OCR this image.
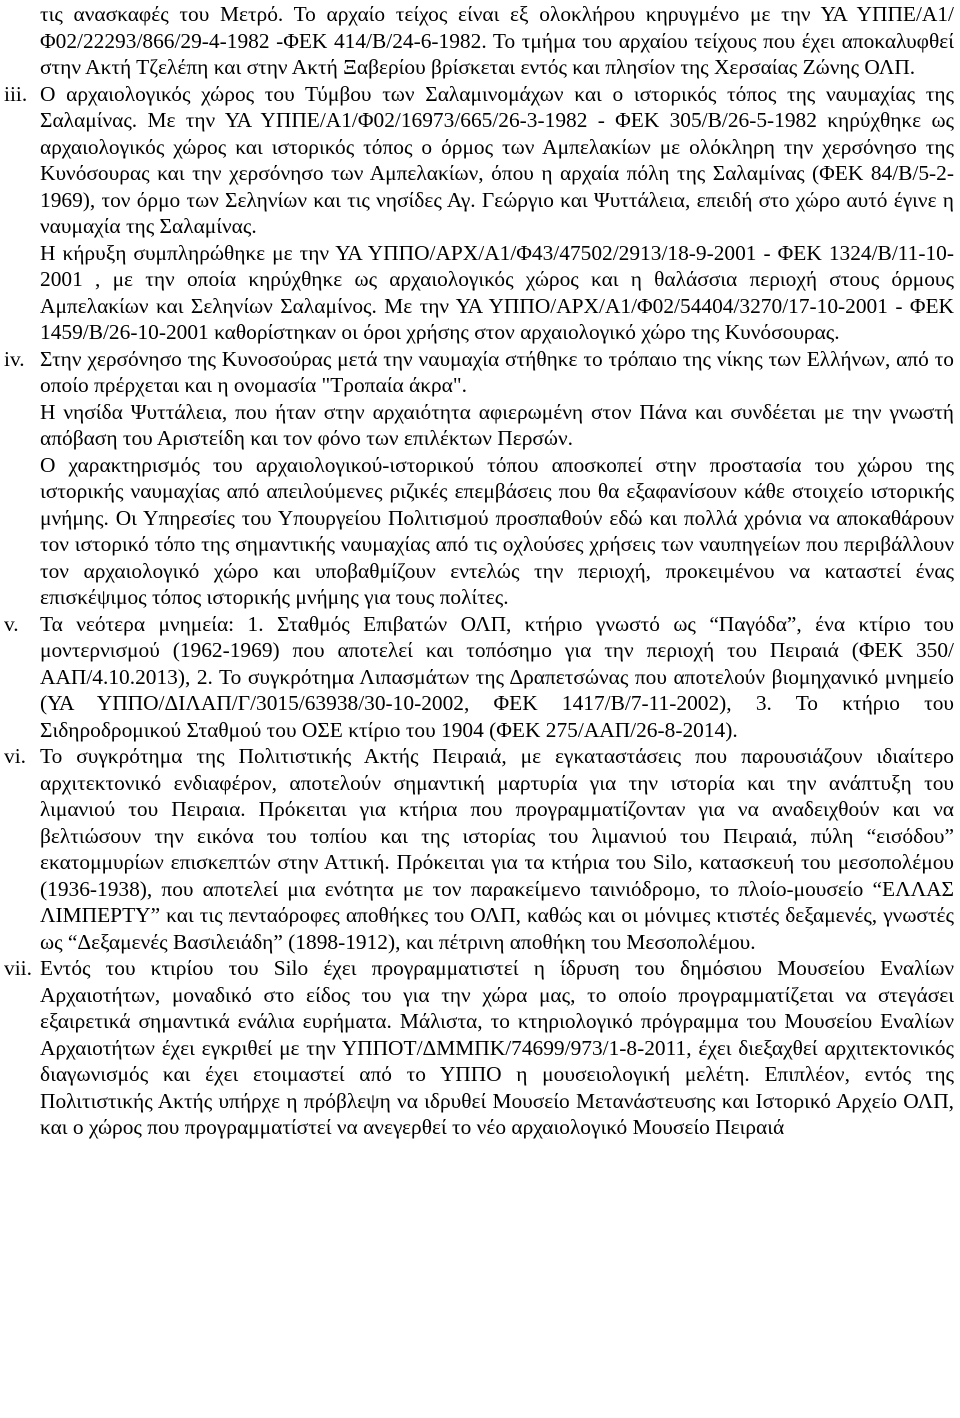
τις ανασκαφές του Μετρό. Το αρχαίο τείχος είναι εξ ολοκλήρου κηρυγμένο με την ΥΑ ΥΠΠΕ/Α1/Φ02/22293/866/29-4-1982 -ΦΕΚ 414/Β/24-6-1982. Το τμήμα του αρχαίου τείχους που έχει αποκαλυφθεί στην Ακτή Τζελέπη και στην Ακτή Ξαβερίου βρίσκεται εντός και πλησίον της Χερσαίας Ζώνης ΟΛΠ.

iii. Ο αρχαιολογικός χώρος του Τύμβου των Σαλαμινομάχων και ο ιστορικός τόπος της ναυμαχίας της Σαλαμίνας. Με την ΥΑ ΥΠΠΕ/Α1/Φ02/16973/665/26-3-1982 - ΦΕΚ 305/Β/26-5-1982 κηρύχθηκε ως αρχαιολογικός χώρος και ιστορικός τόπος ο όρμος των Αμπελακίων με ολόκληρη την χερσόνησο της Κυνόσουρας και την χερσόνησο των Αμπελακίων, όπου η αρχαία πόλη της Σαλαμίνας (ΦΕΚ 84/Β/5-2-1969), τον όρμο των Σεληνίων και τις νησίδες Αγ. Γεώργιο και Ψυττάλεια, επειδή στο χώρο αυτό έγινε η ναυμαχία της Σαλαμίνας.

Η κήρυξη συμπληρώθηκε με την ΥΑ ΥΠΠΟ/ΑΡΧ/Α1/Φ43/47502/2913/18-9-2001 - ΦΕΚ 1324/Β/11-10-2001 , με την οποία κηρύχθηκε ως αρχαιολογικός χώρος και η θαλάσσια περιοχή στους όρμους Αμπελακίων και Σεληνίων Σαλαμίνος. Με την ΥΑ ΥΠΠΟ/ΑΡΧ/Α1/Φ02/54404/3270/17-10-2001 - ΦΕΚ 1459/Β/26-10-2001 καθορίστηκαν οι όροι χρήσης στον αρχαιολογικό χώρο της Κυνόσουρας.

iv. Στην χερσόνησο της Κυνοσούρας μετά την ναυμαχία στήθηκε το τρόπαιο της νίκης των Ελλήνων, από το οποίο πρέρχεται και η ονομασία "Τροπαία άκρα".

Η νησίδα Ψυττάλεια, που ήταν στην αρχαιότητα αφιερωμένη στον Πάνα και συνδέεται με την γνωστή απόβαση του Αριστείδη και τον φόνο των επιλέκτων Περσών.

Ο χαρακτηρισμός του αρχαιολογικού-ιστορικού τόπου αποσκοπεί στην προστασία του χώρου της ιστορικής ναυμαχίας από απειλούμενες ριζικές επεμβάσεις που θα εξαφανίσουν κάθε στοιχείο ιστορικής μνήμης. Οι Υπηρεσίες του Υπουργείου Πολιτισμού προσπαθούν εδώ και πολλά χρόνια να αποκαθάρουν τον ιστορικό τόπο της σημαντικής ναυμαχίας από τις οχλούσες χρήσεις των ναυπηγείων που περιβάλλουν τον αρχαιολογικό χώρο και υποβαθμίζουν εντελώς την περιοχή, προκειμένου να καταστεί ένας επισκέψιμος τόπος ιστορικής μνήμης για τους πολίτες.

v. Τα νεότερα μνημεία: 1. Σταθμός Επιβατών ΟΛΠ, κτήριο γνωστό ως “Παγόδα”, ένα κτίριο του μοντερνισμού (1962-1969) που αποτελεί και τοπόσημο για την περιοχή του Πειραιά (ΦΕΚ 350/ΑΑΠ/4.10.2013), 2. Το συγκρότημα Λιπασμάτων της Δραπετσώνας που αποτελούν βιομηχανικό μνημείο (ΥΑ ΥΠΠΟ/ΔΙΛΑΠ/Γ/3015/63938/30-10-2002, ΦΕΚ 1417/Β/7-11-2002), 3. Το κτήριο του Σιδηροδρομικού Σταθμού του ΟΣΕ κτίριο του 1904 (ΦΕΚ 275/ΑΑΠ/26-8-2014).

vi. Το συγκρότημα της Πολιτιστικής Ακτής Πειραιά, με εγκαταστάσεις που παρουσιάζουν ιδιαίτερο αρχιτεκτονικό ενδιαφέρον, αποτελούν σημαντική μαρτυρία για την ιστορία και την ανάπτυξη του λιμανιού του Πειραια. Πρόκειται για κτήρια που προγραμματίζονταν για να αναδειχθούν και να βελτιώσουν την εικόνα του τοπίου και της ιστορίας του λιμανιού του Πειραιά, πύλη “εισόδου” εκατομμυρίων επισκεπτών στην Αττική. Πρόκειται για τα κτήρια του Silo, κατασκευή του μεσοπολέμου (1936-1938), που αποτελεί μια ενότητα με τον παρακείμενο ταινιόδρομο, το πλοίο-μουσείο “ΕΛΛΑΣ ΛΙΜΠΕΡΤΥ” και τις πενταόροφες αποθήκες του ΟΛΠ, καθώς και οι μόνιμες κτιστές δεξαμενές, γνωστές ως “Δεξαμενές Βασιλειάδη” (1898-1912), και πέτρινη αποθήκη του Μεσοπολέμου.

vii. Εντός του κτιρίου του Silo έχει προγραμματιστεί η ίδρυση του δημόσιου Μουσείου Εναλίων Αρχαιοτήτων, μοναδικό στο είδος του για την χώρα μας, το οποίο προγραμματίζεται να στεγάσει εξαιρετικά σημαντικά ενάλια ευρήματα. Μάλιστα, το κτηριολογικό πρόγραμμα του Μουσείου Εναλίων Αρχαιοτήτων έχει εγκριθεί με την ΥΠΠΟΤ/ΔΜΜΠΚ/74699/973/1-8-2011, έχει διεξαχθεί αρχιτεκτονικός διαγωνισμός και έχει ετοιμαστεί από το ΥΠΠΟ η μουσειολογική μελέτη. Επιπλέον, εντός της Πολιτιστικής Ακτής υπήρχε η πρόβλεψη να ιδρυθεί Μουσείο Μετανάστευσης και Ιστορικό Αρχείο ΟΛΠ, και ο χώρος που προγραμματίστεί να ανεγερθεί το νέο αρχαιολογικό Μουσείο Πειραιά
